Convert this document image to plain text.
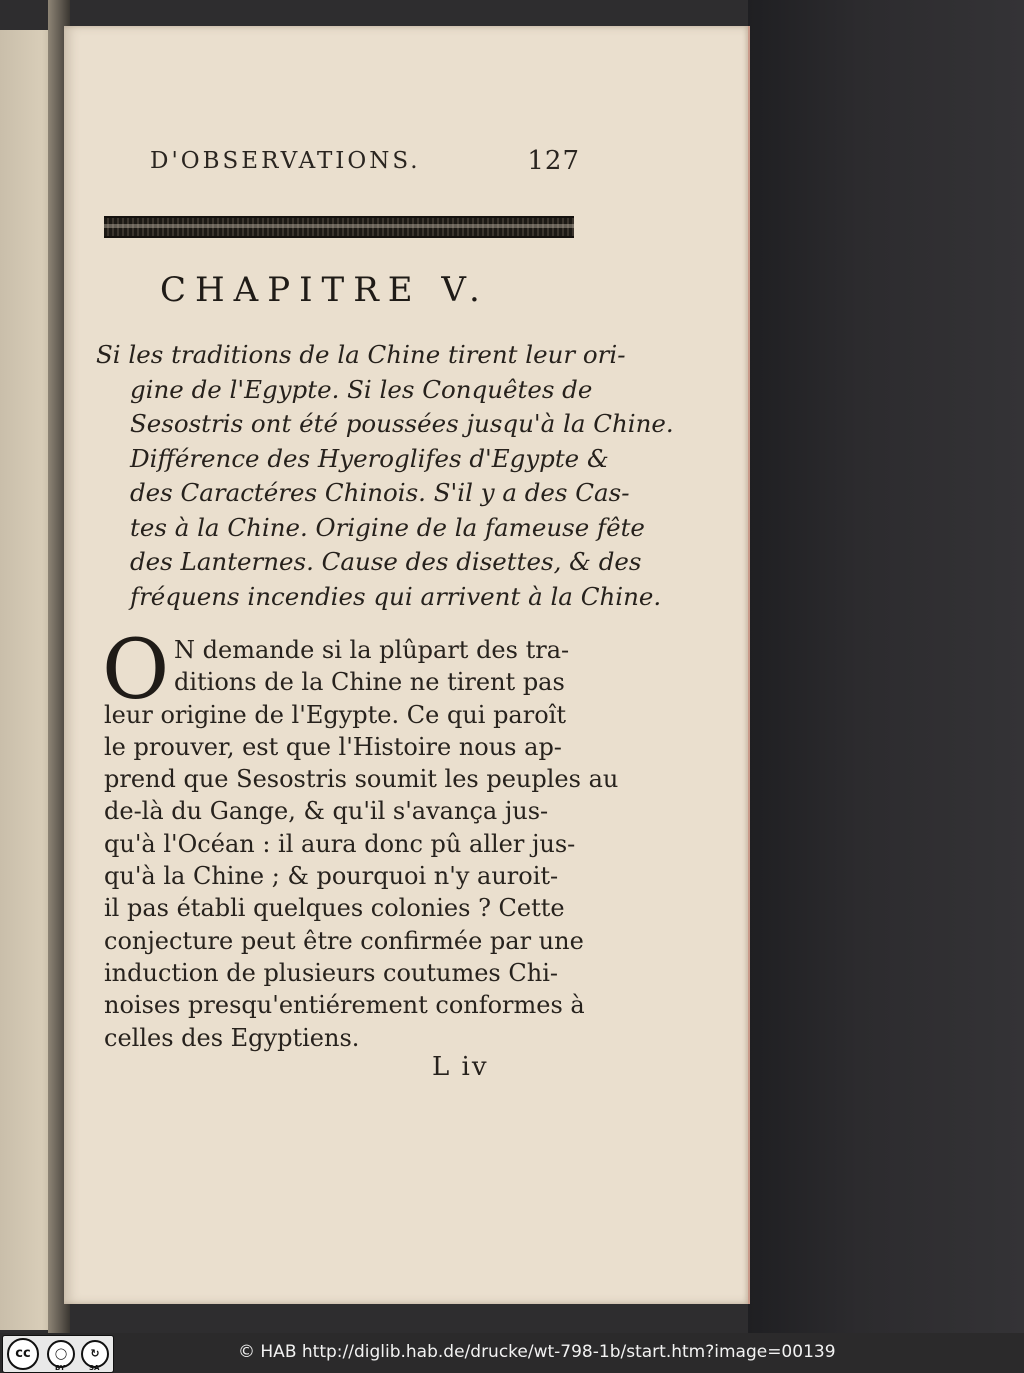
D'OBSERVATIONS.	127
CHAPITRE V.
Si les traditions de la Chine tirent leur ori-
gine de l'Egypte. Si les Conquêtes de
Sesostris ont été poussées jusqu'à la Chine.
Différence des Hyeroglifes d'Egypte &
des Caractéres Chinois. S'il y a des Cas-
tes à la Chine. Origine de la fameuse fête
des Lanternes. Cause des disettes, & des
fréquens incendies qui arrivent à la Chine.
O N demande si la plûpart des tra-
ditions de la Chine ne tirent pas
leur origine de l'Egypte. Ce qui paroît
le prouver, est que l'Histoire nous ap-
prend que Sesostris soumit les peuples au
de-là du Gange, & qu'il s'avança jus-
qu'à l'Océan : il aura donc pû aller jus-
qu'à la Chine ; & pourquoi n'y auroit-
il pas établi quelques colonies ? Cette
conjecture peut être confirmée par une
induction de plusieurs coutumes Chi-
noises presqu'entiérement conformes à
celles des Egyptiens.
L iv
cc	◯	↻
BY	SA
© HAB http://diglib.hab.de/drucke/wt-798-1b/start.htm?image=00139
